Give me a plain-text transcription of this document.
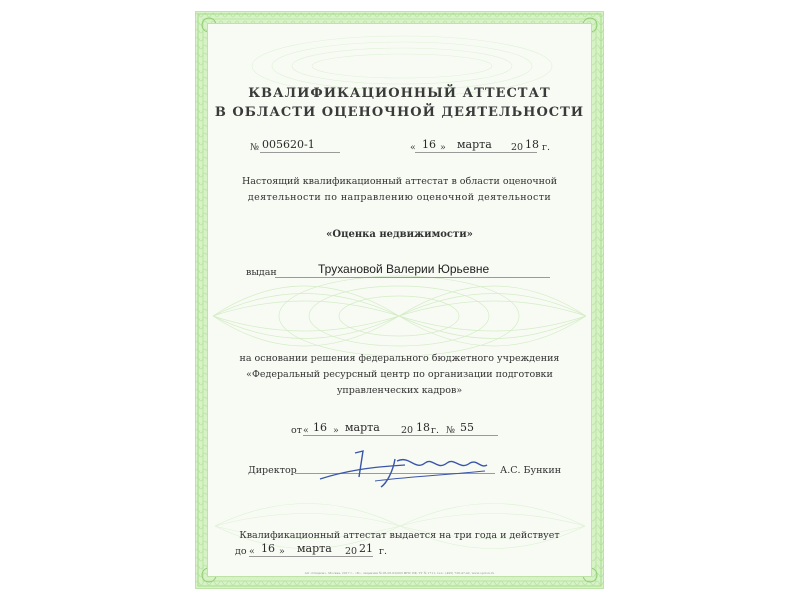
КВАЛИФИКАЦИОННЫЙ АТТЕСТАТ
В ОБЛАСТИ ОЦЕНОЧНОЙ ДЕЯТЕЛЬНОСТИ
№ 005620-1	« 16 » марта 20 18 г.
Настоящий квалификационный аттестат в области оценочной
деятельности по направлению оценочной деятельности
«Оценка недвижимости»
выдан	Трухановой Валерии Юрьевне
на основании решения федерального бюджетного учреждения
«Федеральный ресурсный центр по организации подготовки
управленческих кадров»
от « 16 » марта 20 18 г. № 55
Директор	А.С. Бункин
Квалификационный аттестат выдается на три года и действует
до « 16 » марта 20 21 г.
АО «Опцион», Москва, 2017 г., «Б», лицензия № 05-05-02/003 ФНС РФ, ТУ № 1711, тел.: (495) 726-47-42, www.opcion.ru
